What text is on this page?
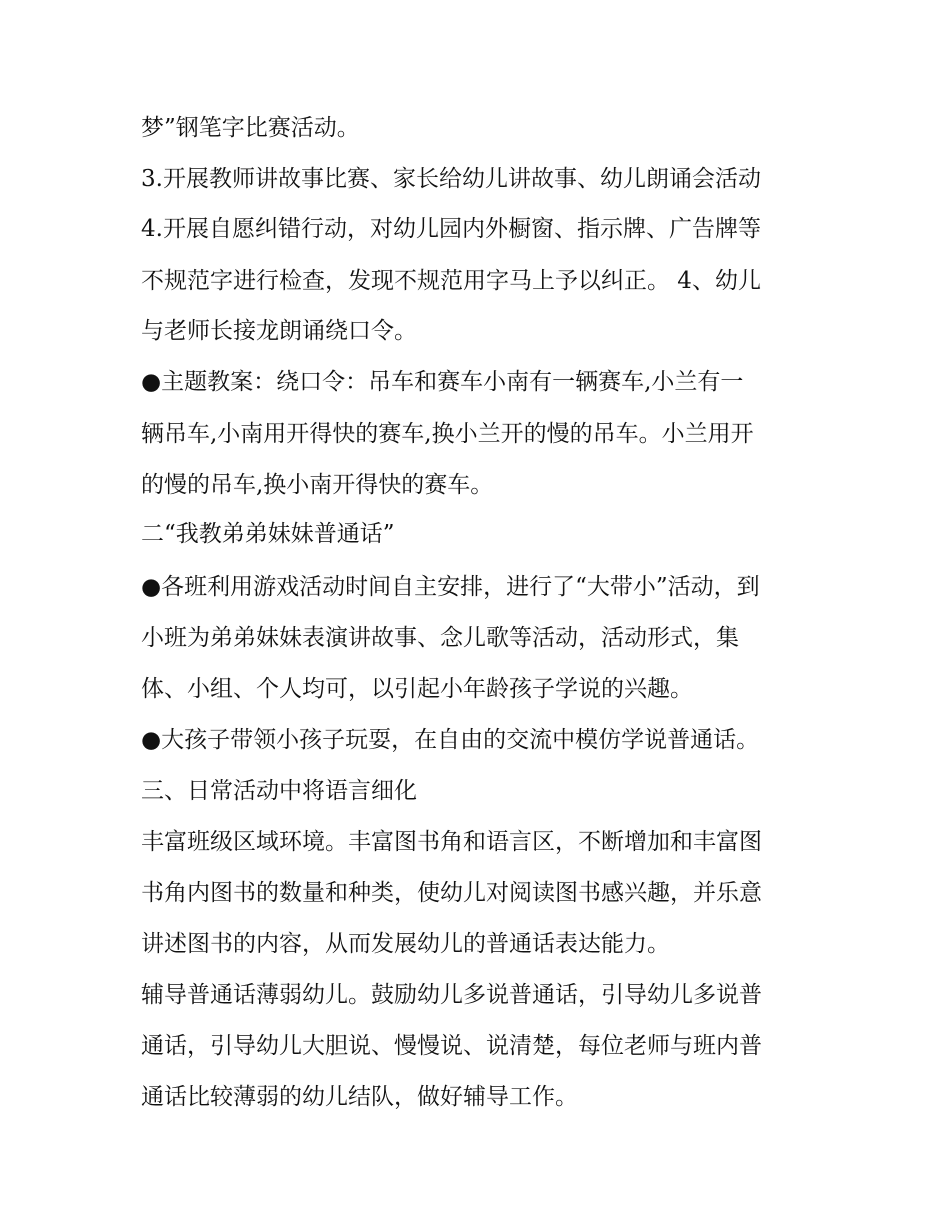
梦”钢笔字比赛活动。
3.开展教师讲故事比赛、家长给幼儿讲故事、幼儿朗诵会活动
4.开展自愿纠错行动，对幼儿园内外橱窗、指示牌、广告牌等
不规范字进行检查，发现不规范用字马上予以纠正。 4、幼儿
与老师长接龙朗诵绕口令。
●主题教案：绕口令：吊车和赛车小南有一辆赛车,小兰有一
辆吊车,小南用开得快的赛车,换小兰开的慢的吊车。小兰用开
的慢的吊车,换小南开得快的赛车。
二“我教弟弟妹妹普通话”
●各班利用游戏活动时间自主安排，进行了“大带小”活动，到
小班为弟弟妹妹表演讲故事、念儿歌等活动，活动形式，集
体、小组、个人均可，以引起小年龄孩子学说的兴趣。
●大孩子带领小孩子玩耍，在自由的交流中模仿学说普通话。
三、日常活动中将语言细化
丰富班级区域环境。丰富图书角和语言区，不断增加和丰富图
书角内图书的数量和种类，使幼儿对阅读图书感兴趣，并乐意
讲述图书的内容，从而发展幼儿的普通话表达能力。
辅导普通话薄弱幼儿。鼓励幼儿多说普通话，引导幼儿多说普
通话，引导幼儿大胆说、慢慢说、说清楚，每位老师与班内普
通话比较薄弱的幼儿结队，做好辅导工作。
